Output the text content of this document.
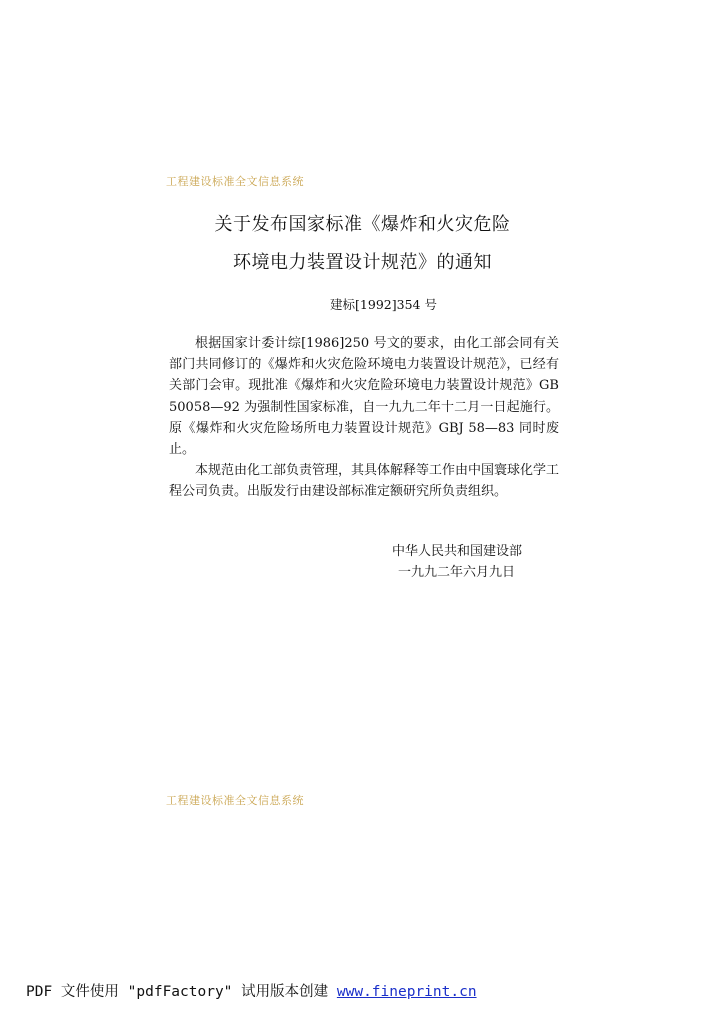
工程建设标准全文信息系统
关于发布国家标准《爆炸和火灾危险
环境电力装置设计规范》的通知
建标[1992]354 号

根据国家计委计综[1986]250 号文的要求，由化工部会同有关部门共同修订的《爆炸和火灾危险环境电力装置设计规范》，已经有关部门会审。现批准《爆炸和火灾危险环境电力装置设计规范》GB 50058—92 为强制性国家标准，自一九九二年十二月一日起施行。原《爆炸和火灾危险场所电力装置设计规范》GBJ 58—83 同时废止。

本规范由化工部负责管理，其具体解释等工作由中国寰球化学工程公司负责。出版发行由建设部标准定额研究所负责组织。

中华人民共和国建设部
一九九二年六月九日
工程建设标准全文信息系统
PDF 文件使用 "pdfFactory" 试用版本创建 www.fineprint.cn
